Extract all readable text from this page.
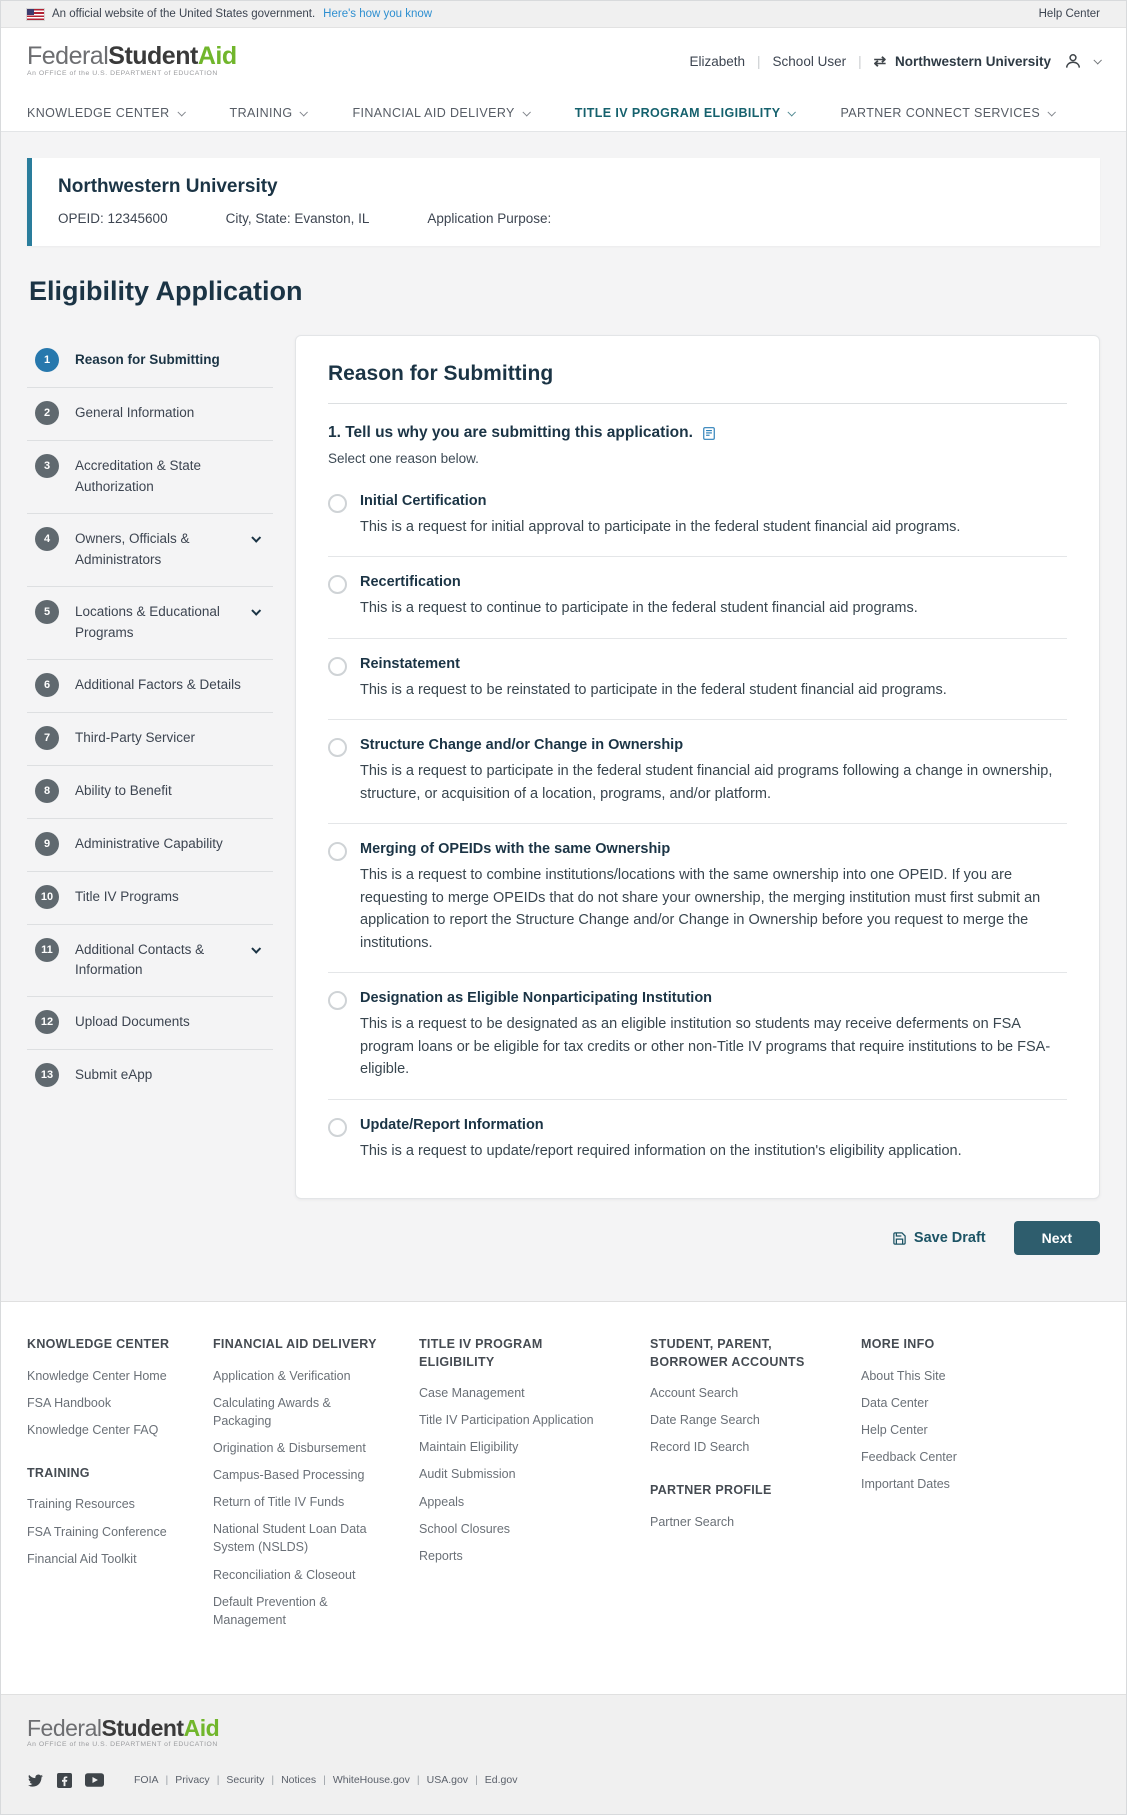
An official website of the United States government. Here's how you know	Help Center
FederalStudentAid
An OFFICE of the U.S. DEPARTMENT of EDUCATION
Elizabeth | School User | ⇄ Northwestern University
KNOWLEDGE CENTER	TRAINING	FINANCIAL AID DELIVERY	TITLE IV PROGRAM ELIGIBILITY	PARTNER CONNECT SERVICES
Northwestern University
OPEID: 12345600	City, State: Evanston, IL	Application Purpose:
Eligibility Application
1	Reason for Submitting
2	General Information
3	Accreditation & State Authorization
4	Owners, Officials & Administrators
5	Locations & Educational Programs
6	Additional Factors & Details
7	Third-Party Servicer
8	Ability to Benefit
9	Administrative Capability
10	Title IV Programs
11	Additional Contacts & Information
12	Upload Documents
13	Submit eApp
Reason for Submitting
1. Tell us why you are submitting this application.
Select one reason below.
Initial Certification
This is a request for initial approval to participate in the federal student financial aid programs.
Recertification
This is a request to continue to participate in the federal student financial aid programs.
Reinstatement
This is a request to be reinstated to participate in the federal student financial aid programs.
Structure Change and/or Change in Ownership
This is a request to participate in the federal student financial aid programs following a change in ownership, structure, or acquisition of a location, programs, and/or platform.
Merging of OPEIDs with the same Ownership
This is a request to combine institutions/locations with the same ownership into one OPEID. If you are requesting to merge OPEIDs that do not share your ownership, the merging institution must first submit an application to report the Structure Change and/or Change in Ownership before you request to merge the institutions.
Designation as Eligible Nonparticipating Institution
This is a request to be designated as an eligible institution so students may receive deferments on FSA program loans or be eligible for tax credits or other non-Title IV programs that require institutions to be FSA-eligible.
Update/Report Information
This is a request to update/report required information on the institution's eligibility application.
Save Draft	Next
KNOWLEDGE CENTER
Knowledge Center Home
FSA Handbook
Knowledge Center FAQ
TRAINING
Training Resources
FSA Training Conference
Financial Aid Toolkit
FINANCIAL AID DELIVERY
Application & Verification
Calculating Awards & Packaging
Origination & Disbursement
Campus-Based Processing
Return of Title IV Funds
National Student Loan Data System (NSLDS)
Reconciliation & Closeout
Default Prevention & Management
TITLE IV PROGRAM ELIGIBILITY
Case Management
Title IV Participation Application
Maintain Eligibility
Audit Submission
Appeals
School Closures
Reports
STUDENT, PARENT, BORROWER ACCOUNTS
Account Search
Date Range Search
Record ID Search
PARTNER PROFILE
Partner Search
MORE INFO
About This Site
Data Center
Help Center
Feedback Center
Important Dates
FederalStudentAid
An OFFICE of the U.S. DEPARTMENT of EDUCATION
FOIA	| Privacy	| Security	| Notices	| WhiteHouse.gov	| USA.gov	| Ed.gov
